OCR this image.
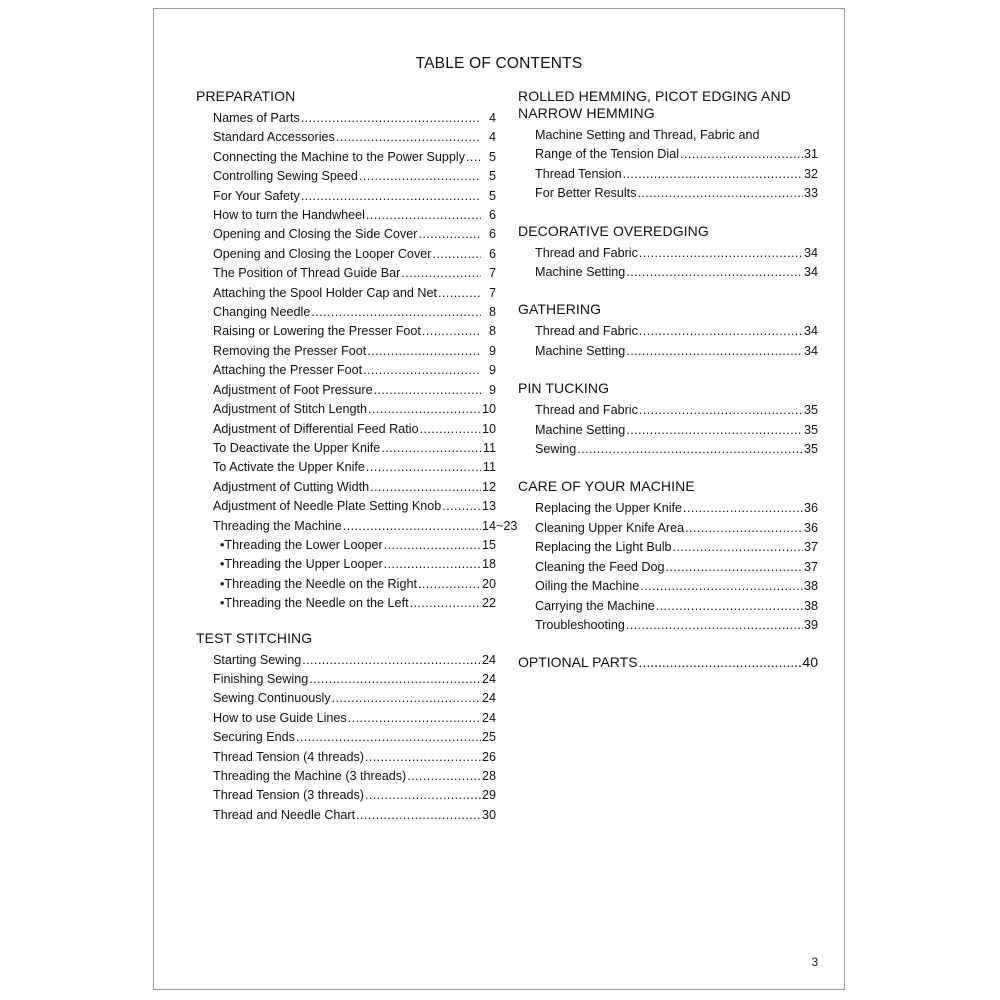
TABLE OF CONTENTS
PREPARATION
Names of Parts .....	4
Standard Accessories .....	4
Connecting the Machine to the Power Supply .....	5
Controlling Sewing Speed .....	5
For Your Safety .....	5
How to turn the Handwheel .....	6
Opening and Closing the Side Cover .....	6
Opening and Closing the Looper Cover .....	6
The Position of Thread Guide Bar .....	7
Attaching the Spool Holder Cap and Net .....	7
Changing Needle .....	8
Raising or Lowering the Presser Foot .....	8
Removing the Presser Foot .....	9
Attaching the Presser Foot .....	9
Adjustment of Foot Pressure .....	9
Adjustment of Stitch Length .....	10
Adjustment of Differential Feed Ratio .....	10
To Deactivate the Upper Knife .....	11
To Activate the Upper Knife .....	11
Adjustment of Cutting Width .....	12
Adjustment of Needle Plate Setting Knob .....	13
Threading the Machine .....	14~23
• Threading the Lower Looper .....	15
• Threading the Upper Looper .....	18
• Threading the Needle on the Right .....	20
• Threading the Needle on the Left .....	22
TEST STITCHING
Starting Sewing .....	24
Finishing Sewing .....	24
Sewing Continuously .....	24
How to use Guide Lines .....	24
Securing Ends .....	25
Thread Tension (4 threads) .....	26
Threading the Machine (3 threads) .....	28
Thread Tension (3 threads) .....	29
Thread and Needle Chart .....	30
ROLLED HEMMING, PICOT EDGING AND
NARROW HEMMING
Machine Setting and Thread, Fabric and
Range of the Tension Dial .....	31
Thread Tension .....	32
For Better Results .....	33
DECORATIVE OVEREDGING
Thread and Fabric .....	34
Machine Setting .....	34
GATHERING
Thread and Fabric .....	34
Machine Setting .....	34
PIN TUCKING
Thread and Fabric .....	35
Machine Setting .....	35
Sewing .....	35
CARE OF YOUR MACHINE
Replacing the Upper Knife .....	36
Cleaning Upper Knife Area .....	36
Replacing the Light Bulb .....	37
Cleaning the Feed Dog .....	37
Oiling the Machine .....	38
Carrying the Machine .....	38
Troubleshooting .....	39
OPTIONAL PARTS .....	40
3
